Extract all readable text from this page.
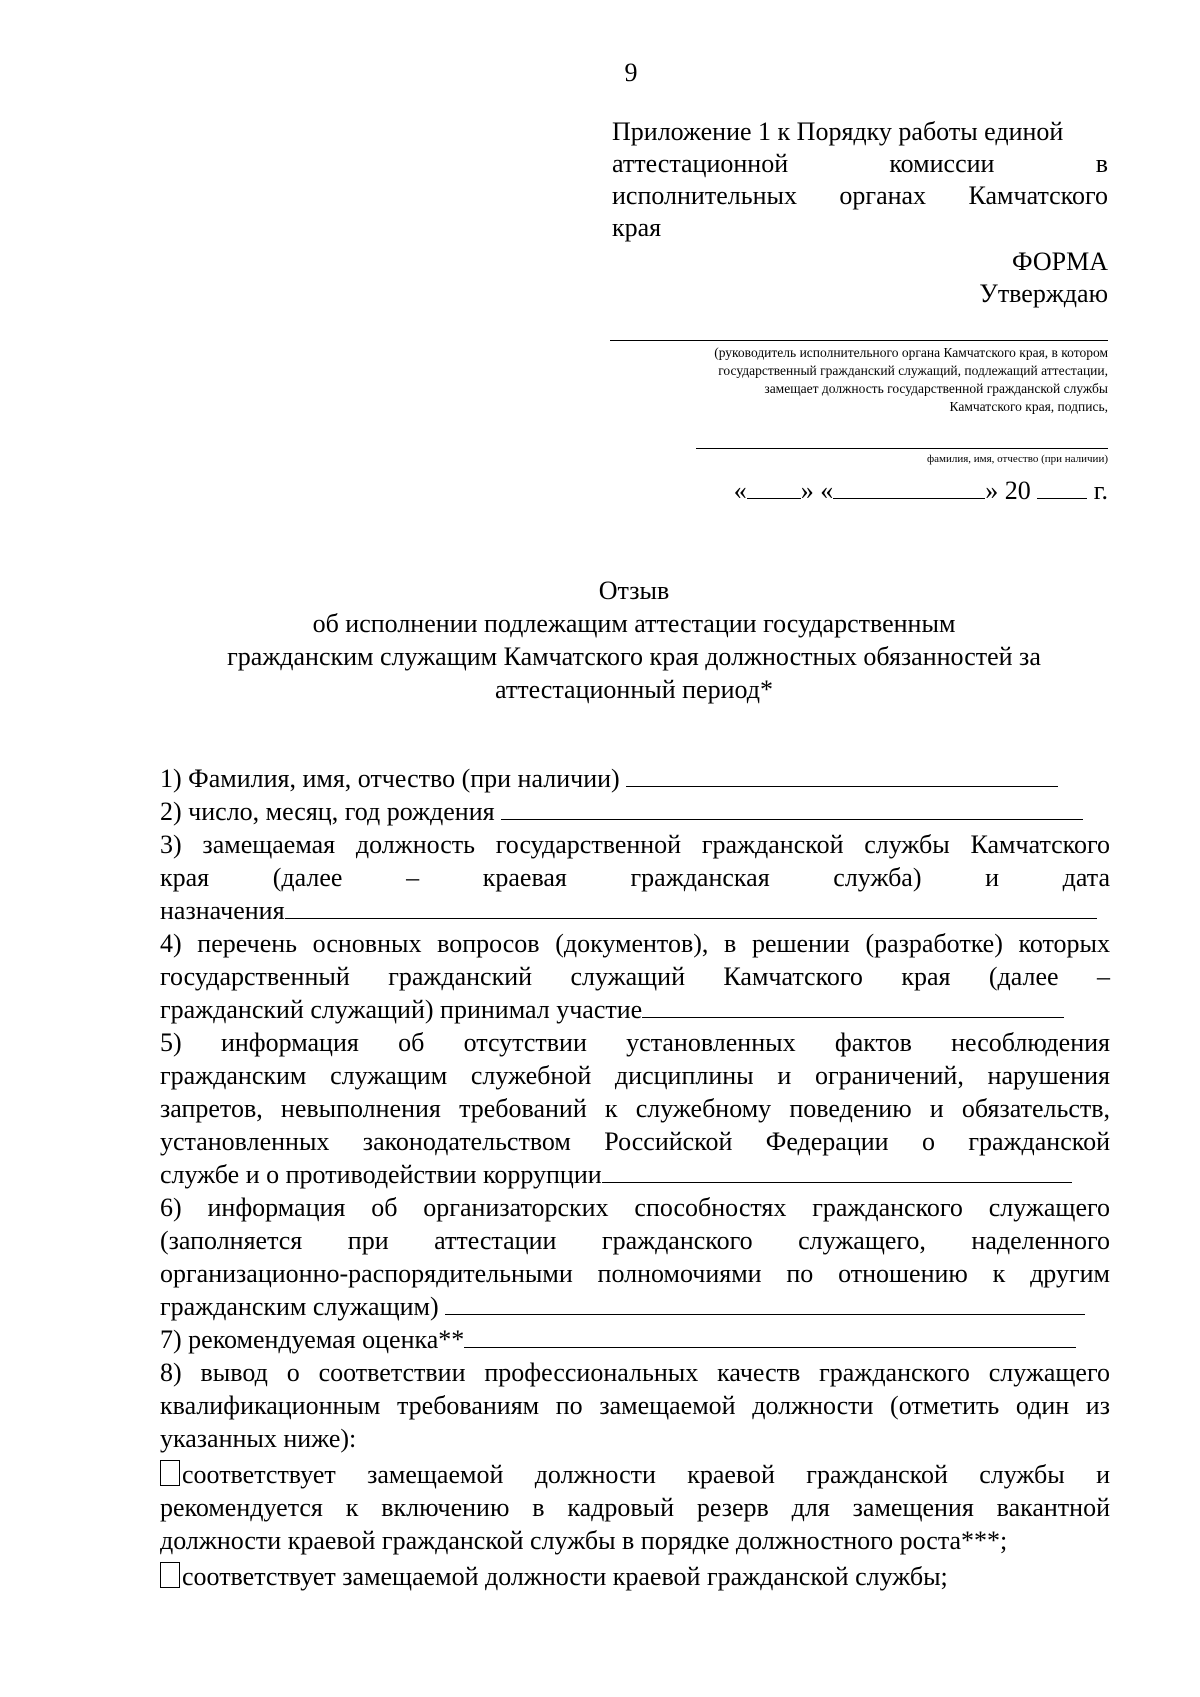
9
Приложение 1 к Порядку работы единой
аттестационной комиссии в
исполнительных органах Камчатского
края
ФОРМА
Утверждаю
(руководитель исполнительного органа Камчатского края, в котором
государственный гражданский служащий, подлежащий аттестации,
замещает должность государственной гражданской службы
Камчатского края, подпись,
фамилия, имя, отчество (при наличии)
« » «	» 20 г.
Отзыв
об исполнении подлежащим аттестации государственным
гражданским служащим Камчатского края должностных обязанностей за
аттестационный период*
1) Фамилия, имя, отчество (при наличии)
2) число, месяц, год рождения
3) замещаемая должность государственной гражданской службы Камчатского
края (далее – краевая гражданская служба) и дата
назначения
4) перечень основных вопросов (документов), в решении (разработке) которых
государственный гражданский служащий Камчатского края (далее –
гражданский служащий) принимал участие
5) информация об отсутствии установленных фактов несоблюдения
гражданским служащим служебной дисциплины и ограничений, нарушения
запретов, невыполнения требований к служебному поведению и обязательств,
установленных законодательством Российской Федерации о гражданской
службе и о противодействии коррупции
6) информация об организаторских способностях гражданского служащего
(заполняется при аттестации гражданского служащего, наделенного
организационно-распорядительными полномочиями по отношению к другим
гражданским служащим)
7) рекомендуемая оценка**
8) вывод о соответствии профессиональных качеств гражданского служащего
квалификационным требованиям по замещаемой должности (отметить один из
указанных ниже):
соответствует замещаемой должности краевой гражданской службы и
рекомендуется к включению в кадровый резерв для замещения вакантной
должности краевой гражданской службы в порядке должностного роста***;
соответствует замещаемой должности краевой гражданской службы;
